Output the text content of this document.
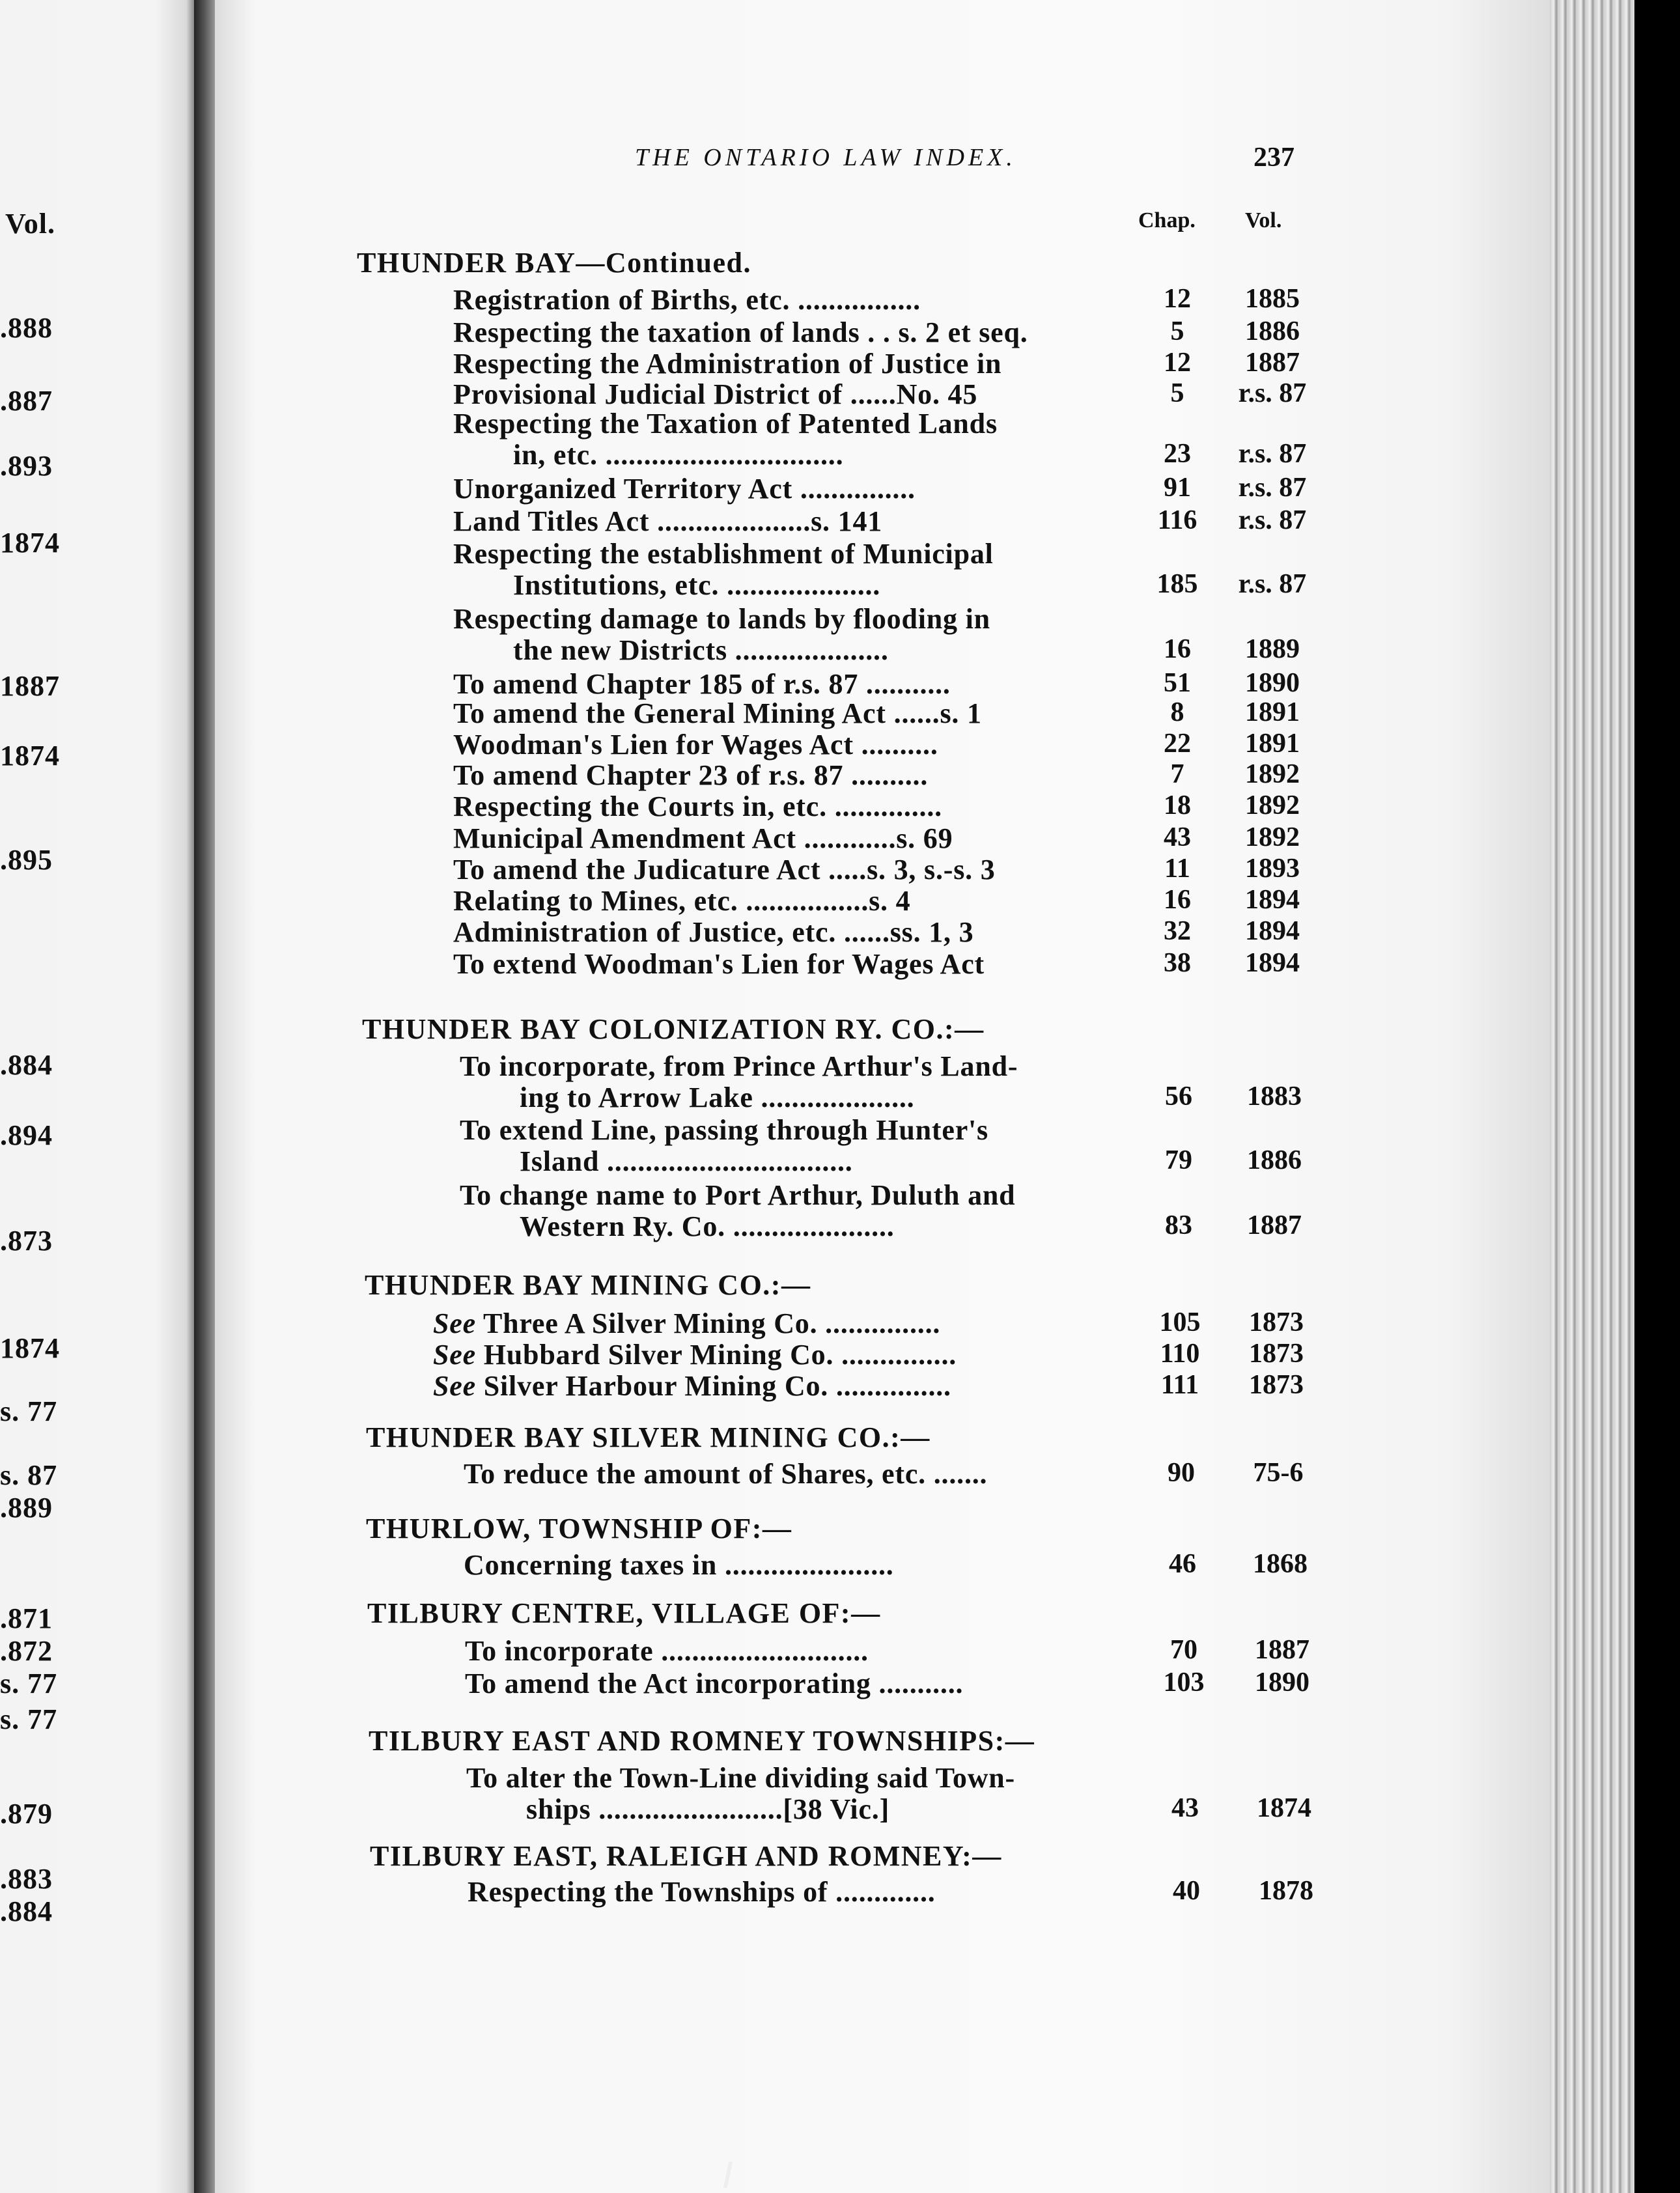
THE ONTARIO LAW INDEX.	237
Chap. Vol.
THUNDER BAY—Continued.
Registration of Births, etc. ................	12	1885
Respecting the taxation of lands . . s. 2 et seq.	5	1886
Respecting the Administration of Justice in	12	1887
Provisional Judicial District of ......No. 45	5	r.s. 87
Respecting the Taxation of Patented Lands
in, etc. ...............................	23	r.s. 87
Unorganized Territory Act ...............	91	r.s. 87
Land Titles Act ....................s. 141	116	r.s. 87
Respecting the establishment of Municipal
Institutions, etc. ....................	185	r.s. 87
Respecting damage to lands by flooding in
the new Districts ....................	16	1889
To amend Chapter 185 of r.s. 87 ...........	51	1890
To amend the General Mining Act ......s. 1	8	1891
Woodman's Lien for Wages Act ..........	22	1891
To amend Chapter 23 of r.s. 87 ..........	7	1892
Respecting the Courts in, etc. ..............	18	1892
Municipal Amendment Act ............s. 69	43	1892
To amend the Judicature Act .....s. 3, s.-s. 3	11	1893
Relating to Mines, etc. ................s. 4	16	1894
Administration of Justice, etc. ......ss. 1, 3	32	1894
To extend Woodman's Lien for Wages Act	38	1894
THUNDER BAY COLONIZATION RY. CO.:—
To incorporate, from Prince Arthur's Land-
ing to Arrow Lake ....................	56	1883
To extend Line, passing through Hunter's
Island ................................	79	1886
To change name to Port Arthur, Duluth and
Western Ry. Co. .....................	83	1887
THUNDER BAY MINING CO.:—
See Three A Silver Mining Co. ...............	105	1873
See Hubbard Silver Mining Co. ...............	110	1873
See Silver Harbour Mining Co. ...............	111	1873
THUNDER BAY SILVER MINING CO.:—
To reduce the amount of Shares, etc. .......	90	75-6
THURLOW, TOWNSHIP OF:—
Concerning taxes in ......................	46	1868
TILBURY CENTRE, VILLAGE OF:—
To incorporate ...........................	70	1887
To amend the Act incorporating ...........	103	1890
TILBURY EAST AND ROMNEY TOWNSHIPS:—
To alter the Town-Line dividing said Town-
ships ........................[38 Vic.]	43	1874
TILBURY EAST, RALEIGH AND ROMNEY:—
Respecting the Townships of .............	40	1878
Vol.
.888
.887
.893
1874
1887
1874
.895
.884
.894
.873
1874
s. 77
s. 87
.889
.871
.872
s. 77
s. 77
.879
.883
.884
